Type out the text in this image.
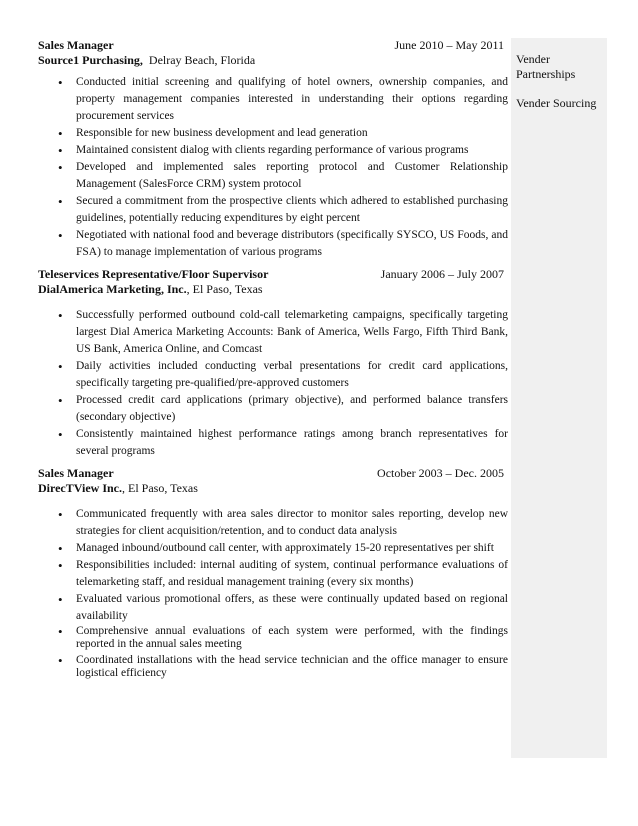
Vender Partnerships
Vender Sourcing
Sales Manager	June 2010 – May 2011
Source1 Purchasing, Delray Beach, Florida
• Conducted initial screening and qualifying of hotel owners, ownership companies, and property management companies interested in understanding their options regarding procurement services
• Responsible for new business development and lead generation
• Maintained consistent dialog with clients regarding performance of various programs
• Developed and implemented sales reporting protocol and Customer Relationship Management (SalesForce CRM) system protocol
• Secured a commitment from the prospective clients which adhered to established purchasing guidelines, potentially reducing expenditures by eight percent
• Negotiated with national food and beverage distributors (specifically SYSCO, US Foods, and FSA) to manage implementation of various programs
Teleservices Representative/Floor Supervisor	January 2006 – July 2007
DialAmerica Marketing, Inc., El Paso, Texas
• Successfully performed outbound cold-call telemarketing campaigns, specifically targeting largest Dial America Marketing Accounts: Bank of America, Wells Fargo, Fifth Third Bank, US Bank, America Online, and Comcast
• Daily activities included conducting verbal presentations for credit card applications, specifically targeting pre-qualified/pre-approved customers
• Processed credit card applications (primary objective), and performed balance transfers (secondary objective)
• Consistently maintained highest performance ratings among branch representatives for several programs
Sales Manager	October 2003 – Dec. 2005
DirecTView Inc., El Paso, Texas
• Communicated frequently with area sales director to monitor sales reporting, develop new strategies for client acquisition/retention, and to conduct data analysis
• Managed inbound/outbound call center, with approximately 15-20 representatives per shift
• Responsibilities included: internal auditing of system, continual performance evaluations of telemarketing staff, and residual management training (every six months)
• Evaluated various promotional offers, as these were continually updated based on regional availability
• Comprehensive annual evaluations of each system were performed, with the findings reported in the annual sales meeting
• Coordinated installations with the head service technician and the office manager to ensure logistical efficiency
